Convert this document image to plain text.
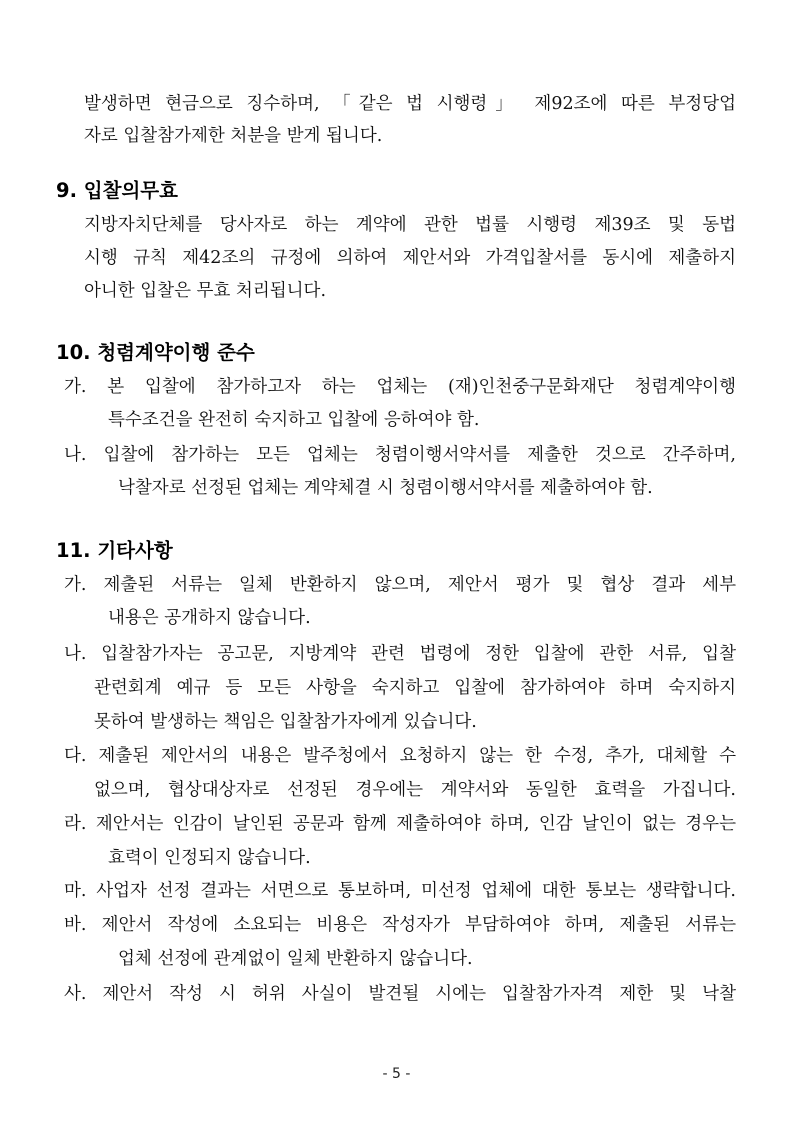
발생하면 현금으로 징수하며, 「같은 법 시행령」 제92조에 따른 부정당업
자로 입찰참가제한 처분을 받게 됩니다.
9. 입찰의무효
지방자치단체를 당사자로 하는 계약에 관한 법률 시행령 제39조 및 동법
시행 규칙 제42조의 규정에 의하여 제안서와 가격입찰서를 동시에 제출하지
아니한 입찰은 무효 처리됩니다.
10. 청렴계약이행 준수
가. 본 입찰에 참가하고자 하는 업체는 (재)인천중구문화재단 청렴계약이행
특수조건을 완전히 숙지하고 입찰에 응하여야 함.
나. 입찰에 참가하는 모든 업체는 청렴이행서약서를 제출한 것으로 간주하며,
낙찰자로 선정된 업체는 계약체결 시 청렴이행서약서를 제출하여야 함.
11. 기타사항
가. 제출된 서류는 일체 반환하지 않으며, 제안서 평가 및 협상 결과 세부
내용은 공개하지 않습니다.
나. 입찰참가자는 공고문, 지방계약 관련 법령에 정한 입찰에 관한 서류, 입찰
관련회계 예규 등 모든 사항을 숙지하고 입찰에 참가하여야 하며 숙지하지
못하여 발생하는 책임은 입찰참가자에게 있습니다.
다. 제출된 제안서의 내용은 발주청에서 요청하지 않는 한 수정, 추가, 대체할 수
없으며, 협상대상자로 선정된 경우에는 계약서와 동일한 효력을 가집니다.
라. 제안서는 인감이 날인된 공문과 함께 제출하여야 하며, 인감 날인이 없는 경우는
효력이 인정되지 않습니다.
마. 사업자 선정 결과는 서면으로 통보하며, 미선정 업체에 대한 통보는 생략합니다.
바. 제안서 작성에 소요되는 비용은 작성자가 부담하여야 하며, 제출된 서류는
업체 선정에 관계없이 일체 반환하지 않습니다.
사. 제안서 작성 시 허위 사실이 발견될 시에는 입찰참가자격 제한 및 낙찰
- 5 -
